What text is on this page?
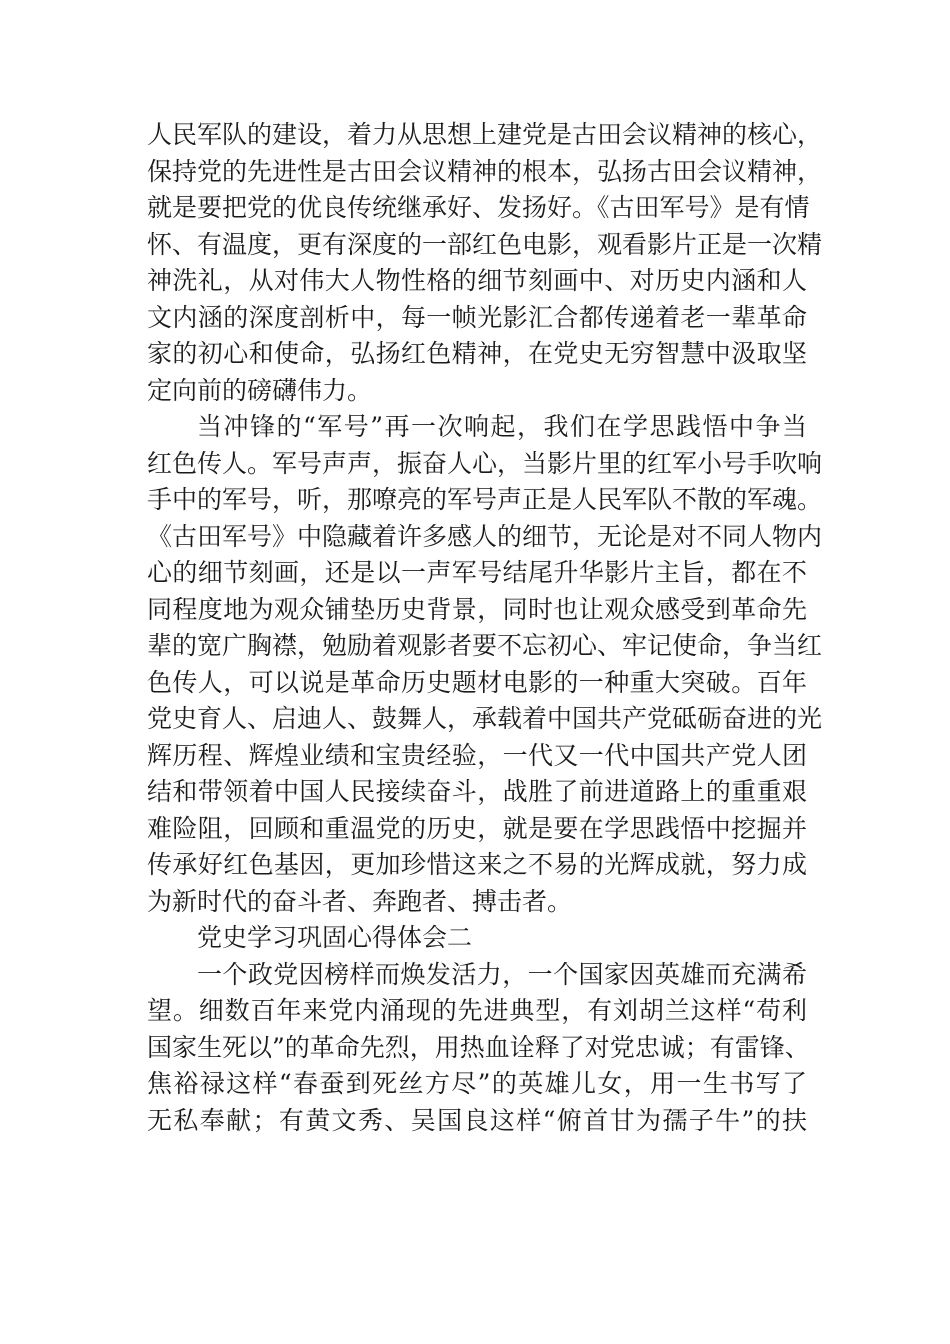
人民军队的建设，着力从思想上建党是古田会议精神的核心，
保持党的先进性是古田会议精神的根本，弘扬古田会议精神，
就是要把党的优良传统继承好、发扬好。《古田军号》是有情
怀、有温度，更有深度的一部红色电影，观看影片正是一次精
神洗礼，从对伟大人物性格的细节刻画中、对历史内涵和人
文内涵的深度剖析中，每一帧光影汇合都传递着老一辈革命
家的初心和使命，弘扬红色精神，在党史无穷智慧中汲取坚
定向前的磅礴伟力。
当冲锋的“军号”再一次响起，我们在学思践悟中争当
红色传人。军号声声，振奋人心，当影片里的红军小号手吹响
手中的军号，听，那嘹亮的军号声正是人民军队不散的军魂。
《古田军号》中隐藏着许多感人的细节，无论是对不同人物内
心的细节刻画，还是以一声军号结尾升华影片主旨，都在不
同程度地为观众铺垫历史背景，同时也让观众感受到革命先
辈的宽广胸襟，勉励着观影者要不忘初心、牢记使命，争当红
色传人，可以说是革命历史题材电影的一种重大突破。百年
党史育人、启迪人、鼓舞人，承载着中国共产党砥砺奋进的光
辉历程、辉煌业绩和宝贵经验，一代又一代中国共产党人团
结和带领着中国人民接续奋斗，战胜了前进道路上的重重艰
难险阻，回顾和重温党的历史，就是要在学思践悟中挖掘并
传承好红色基因，更加珍惜这来之不易的光辉成就，努力成
为新时代的奋斗者、奔跑者、搏击者。
党史学习巩固心得体会二
一个政党因榜样而焕发活力，一个国家因英雄而充满希
望。细数百年来党内涌现的先进典型，有刘胡兰这样“苟利
国家生死以”的革命先烈，用热血诠释了对党忠诚；有雷锋、
焦裕禄这样“春蚕到死丝方尽”的英雄儿女，用一生书写了
无私奉献；有黄文秀、吴国良这样“俯首甘为孺子牛”的扶
